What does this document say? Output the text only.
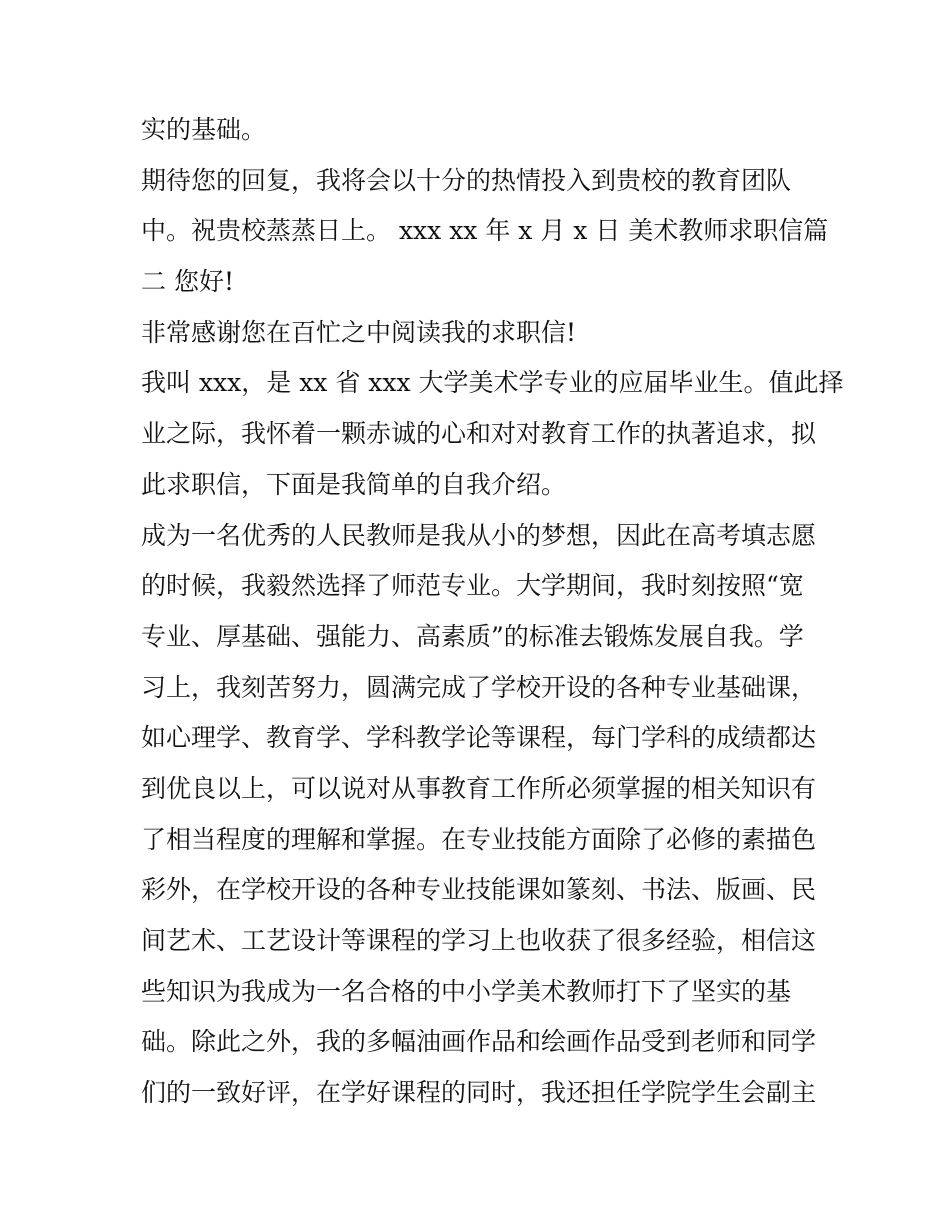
实的基础。
期待您的回复，我将会以十分的热情投入到贵校的教育团队
中。祝贵校蒸蒸日上。 xxx xx 年 x 月 x 日 美术教师求职信篇
二 您好!
非常感谢您在百忙之中阅读我的求职信!
我叫 xxx，是 xx 省 xxx 大学美术学专业的应届毕业生。值此择
业之际，我怀着一颗赤诚的心和对对教育工作的执著追求，拟
此求职信，下面是我简单的自我介绍。
成为一名优秀的人民教师是我从小的梦想，因此在高考填志愿
的时候，我毅然选择了师范专业。大学期间，我时刻按照“宽
专业、厚基础、强能力、高素质”的标准去锻炼发展自我。学
习上，我刻苦努力，圆满完成了学校开设的各种专业基础课，
如心理学、教育学、学科教学论等课程，每门学科的成绩都达
到优良以上，可以说对从事教育工作所必须掌握的相关知识有
了相当程度的理解和掌握。在专业技能方面除了必修的素描色
彩外，在学校开设的各种专业技能课如篆刻、书法、版画、民
间艺术、工艺设计等课程的学习上也收获了很多经验，相信这
些知识为我成为一名合格的中小学美术教师打下了坚实的基
础。除此之外，我的多幅油画作品和绘画作品受到老师和同学
们的一致好评，在学好课程的同时，我还担任学院学生会副主
